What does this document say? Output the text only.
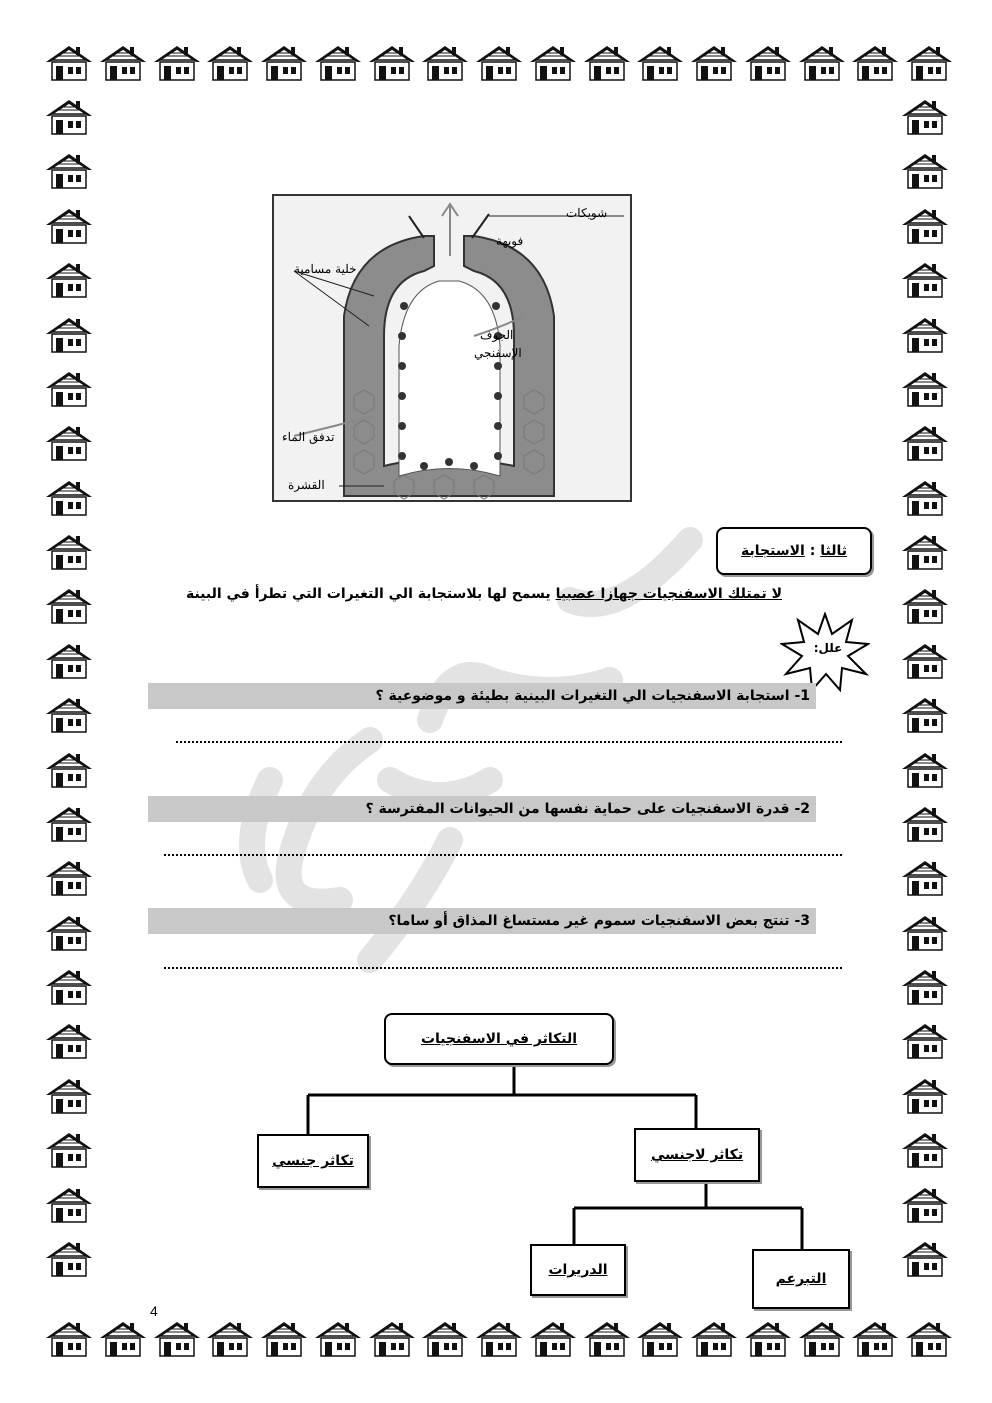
شويكات
فويهة
خلية مسامية
الجوف
الإسفنجي
تدفق الماء
القشرة
ثالثا
:
الاستجابة
لا تمتلك الاسفنجيات جهازا عصبيا يسمح لها بلاستجابة الي التغيرات التي تطرأ في البينة
علل:
1- استجابة الاسفنجيات الي التغيرات البينية بطيئة و موضوعية ؟
2- قدرة الاسفنجيات على حماية نفسها من الحيوانات المفترسة ؟
3- تنتج بعض الاسفنجيات سموم غير مستساغ المذاق أو ساما؟
التكاثر في الاسفنجيات
تكاثر جنسي	تكاثر لاجنسي
الدريرات
التبرعم
4
